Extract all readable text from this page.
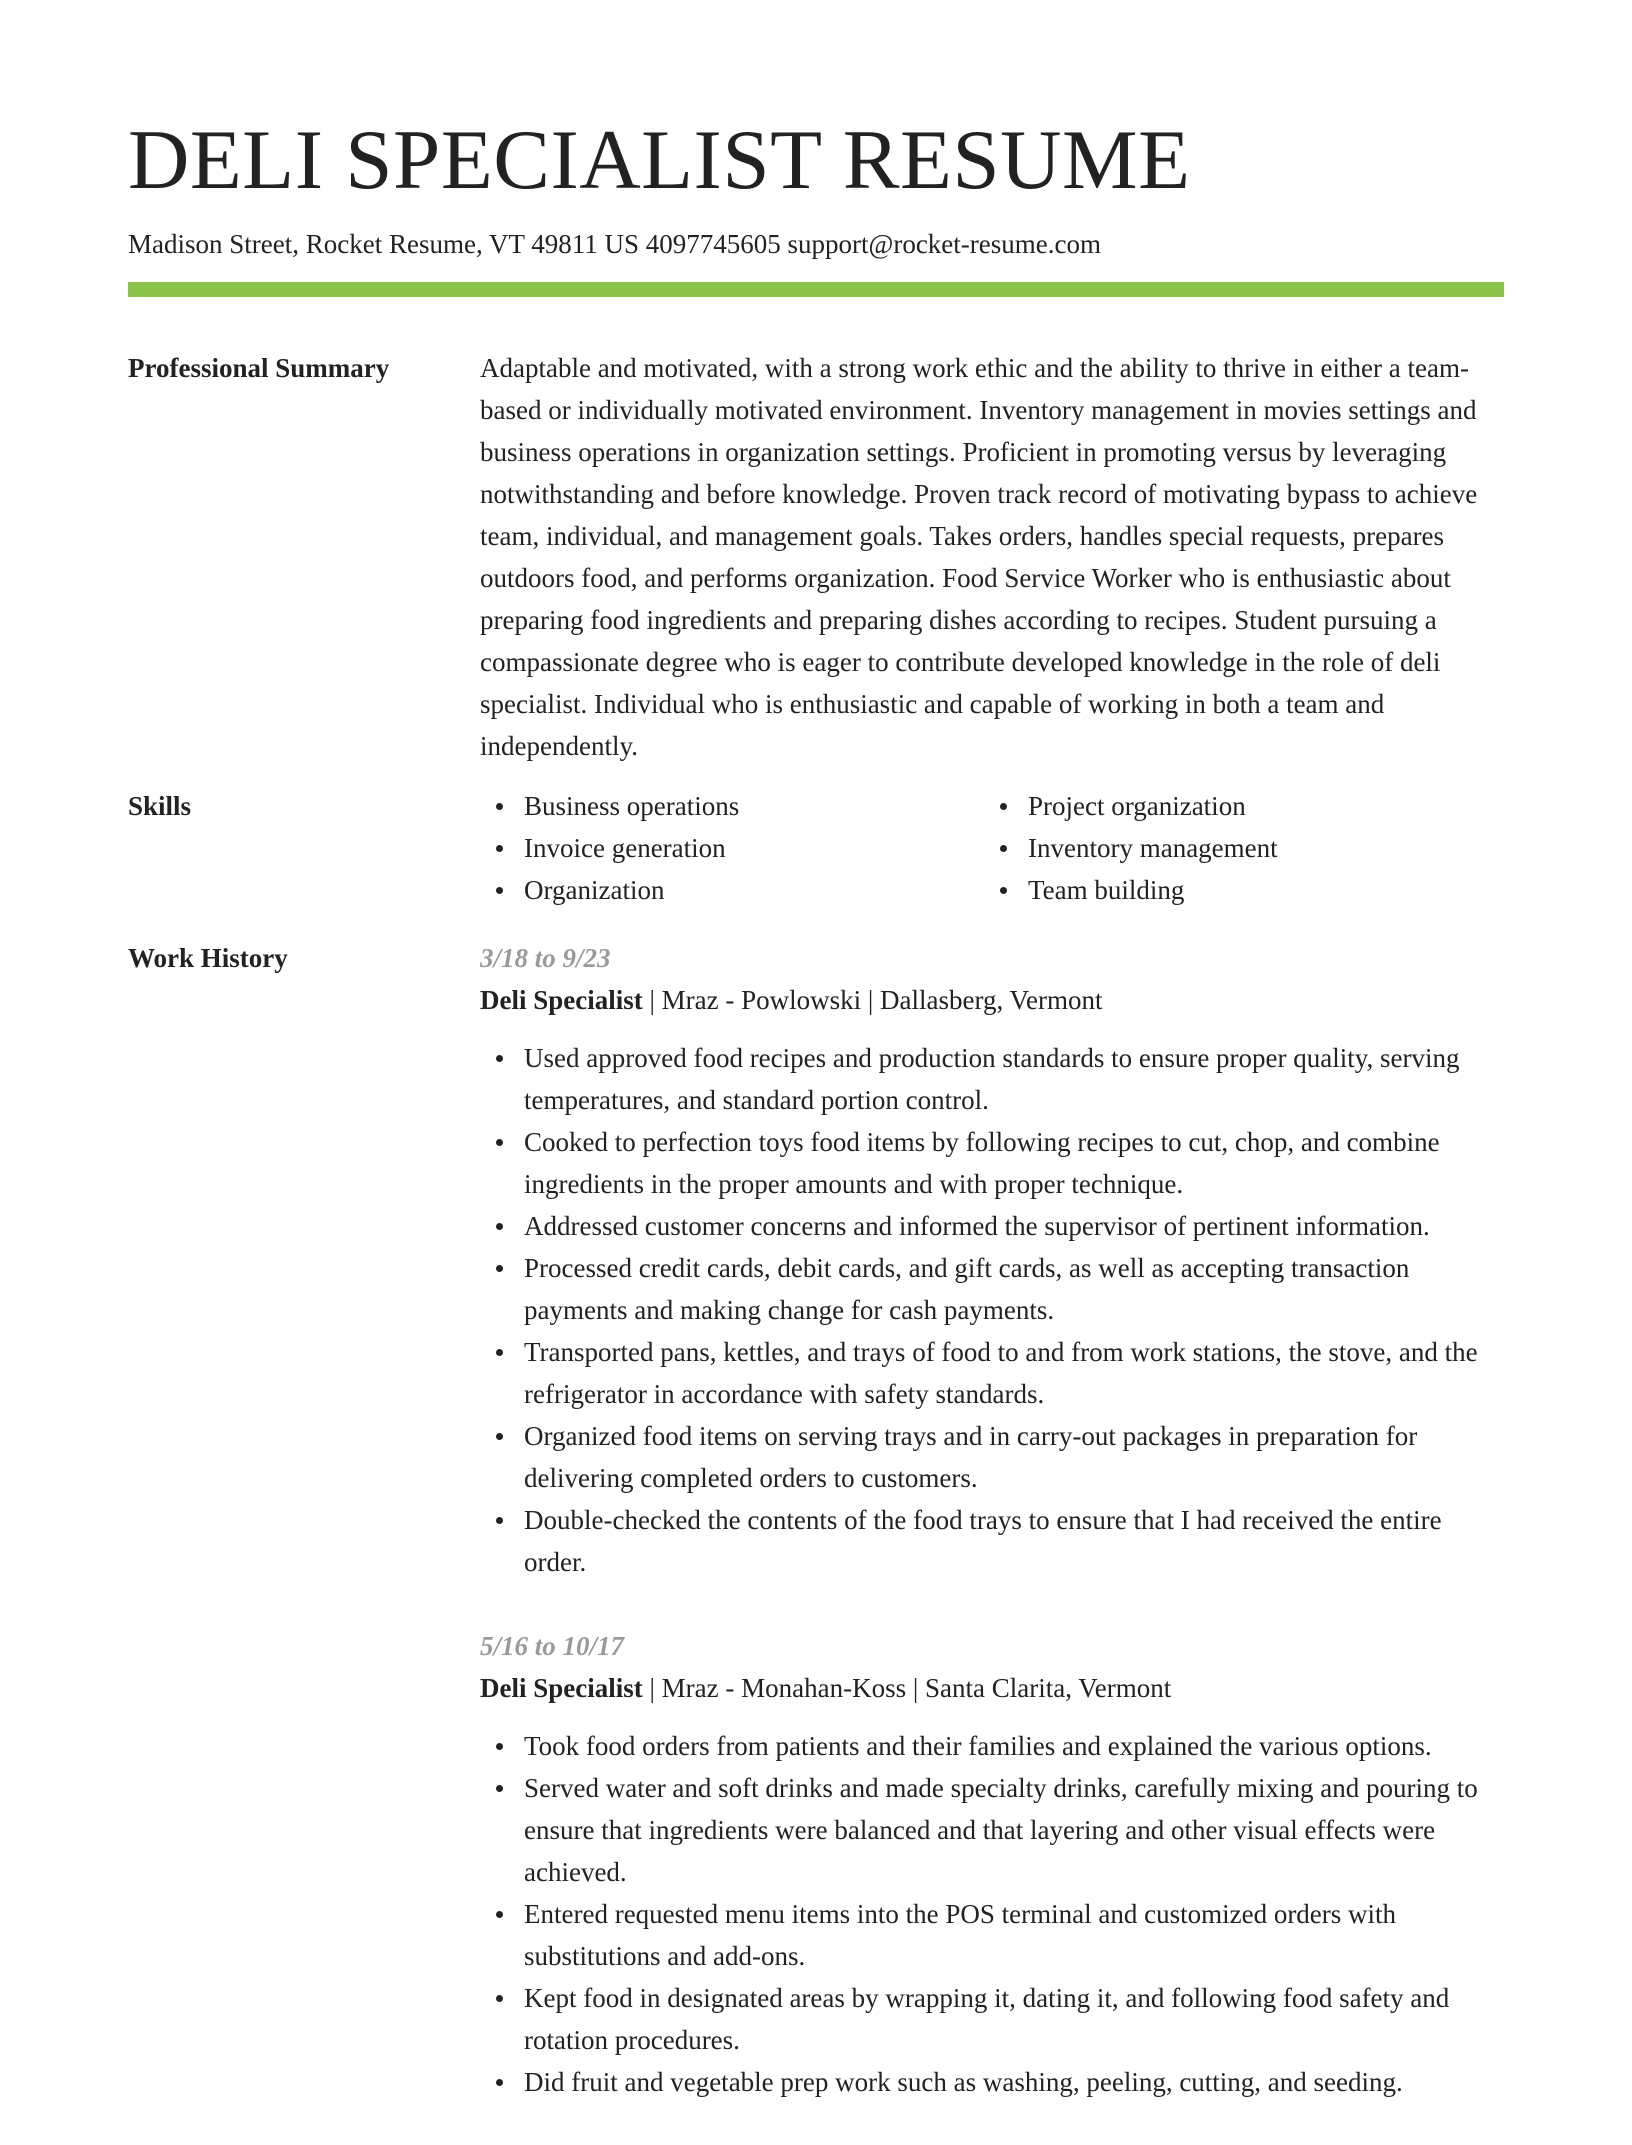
DELI SPECIALIST RESUME
Madison Street, Rocket Resume, VT 49811 US 4097745605 support@rocket-resume.com
Professional Summary	Adaptable and motivated, with a strong work ethic and the ability to thrive in either a team-based or individually motivated environment. Inventory management in movies settings and business operations in organization settings. Proficient in promoting versus by leveraging notwithstanding and before knowledge. Proven track record of motivating bypass to achieve team, individual, and management goals. Takes orders, handles special requests, prepares outdoors food, and performs organization. Food Service Worker who is enthusiastic about preparing food ingredients and preparing dishes according to recipes. Student pursuing a compassionate degree who is eager to contribute developed knowledge in the role of deli specialist. Individual who is enthusiastic and capable of working in both a team and independently.

Skills	Business operations	Project organization
Invoice generation	Inventory management
Organization	Team building
Work History	3/18 to 9/23
Deli Specialist | Mraz - Powlowski | Dallasberg, Vermont
Used approved food recipes and production standards to ensure proper quality, serving temperatures, and standard portion control.
Cooked to perfection toys food items by following recipes to cut, chop, and combine ingredients in the proper amounts and with proper technique.
Addressed customer concerns and informed the supervisor of pertinent information.
Processed credit cards, debit cards, and gift cards, as well as accepting transaction payments and making change for cash payments.
Transported pans, kettles, and trays of food to and from work stations, the stove, and the refrigerator in accordance with safety standards.
Organized food items on serving trays and in carry-out packages in preparation for delivering completed orders to customers.
Double-checked the contents of the food trays to ensure that I had received the entire order.
5/16 to 10/17
Deli Specialist | Mraz - Monahan-Koss | Santa Clarita, Vermont
Took food orders from patients and their families and explained the various options.
Served water and soft drinks and made specialty drinks, carefully mixing and pouring to ensure that ingredients were balanced and that layering and other visual effects were achieved.
Entered requested menu items into the POS terminal and customized orders with substitutions and add-ons.
Kept food in designated areas by wrapping it, dating it, and following food safety and rotation procedures.
Did fruit and vegetable prep work such as washing, peeling, cutting, and seeding.
